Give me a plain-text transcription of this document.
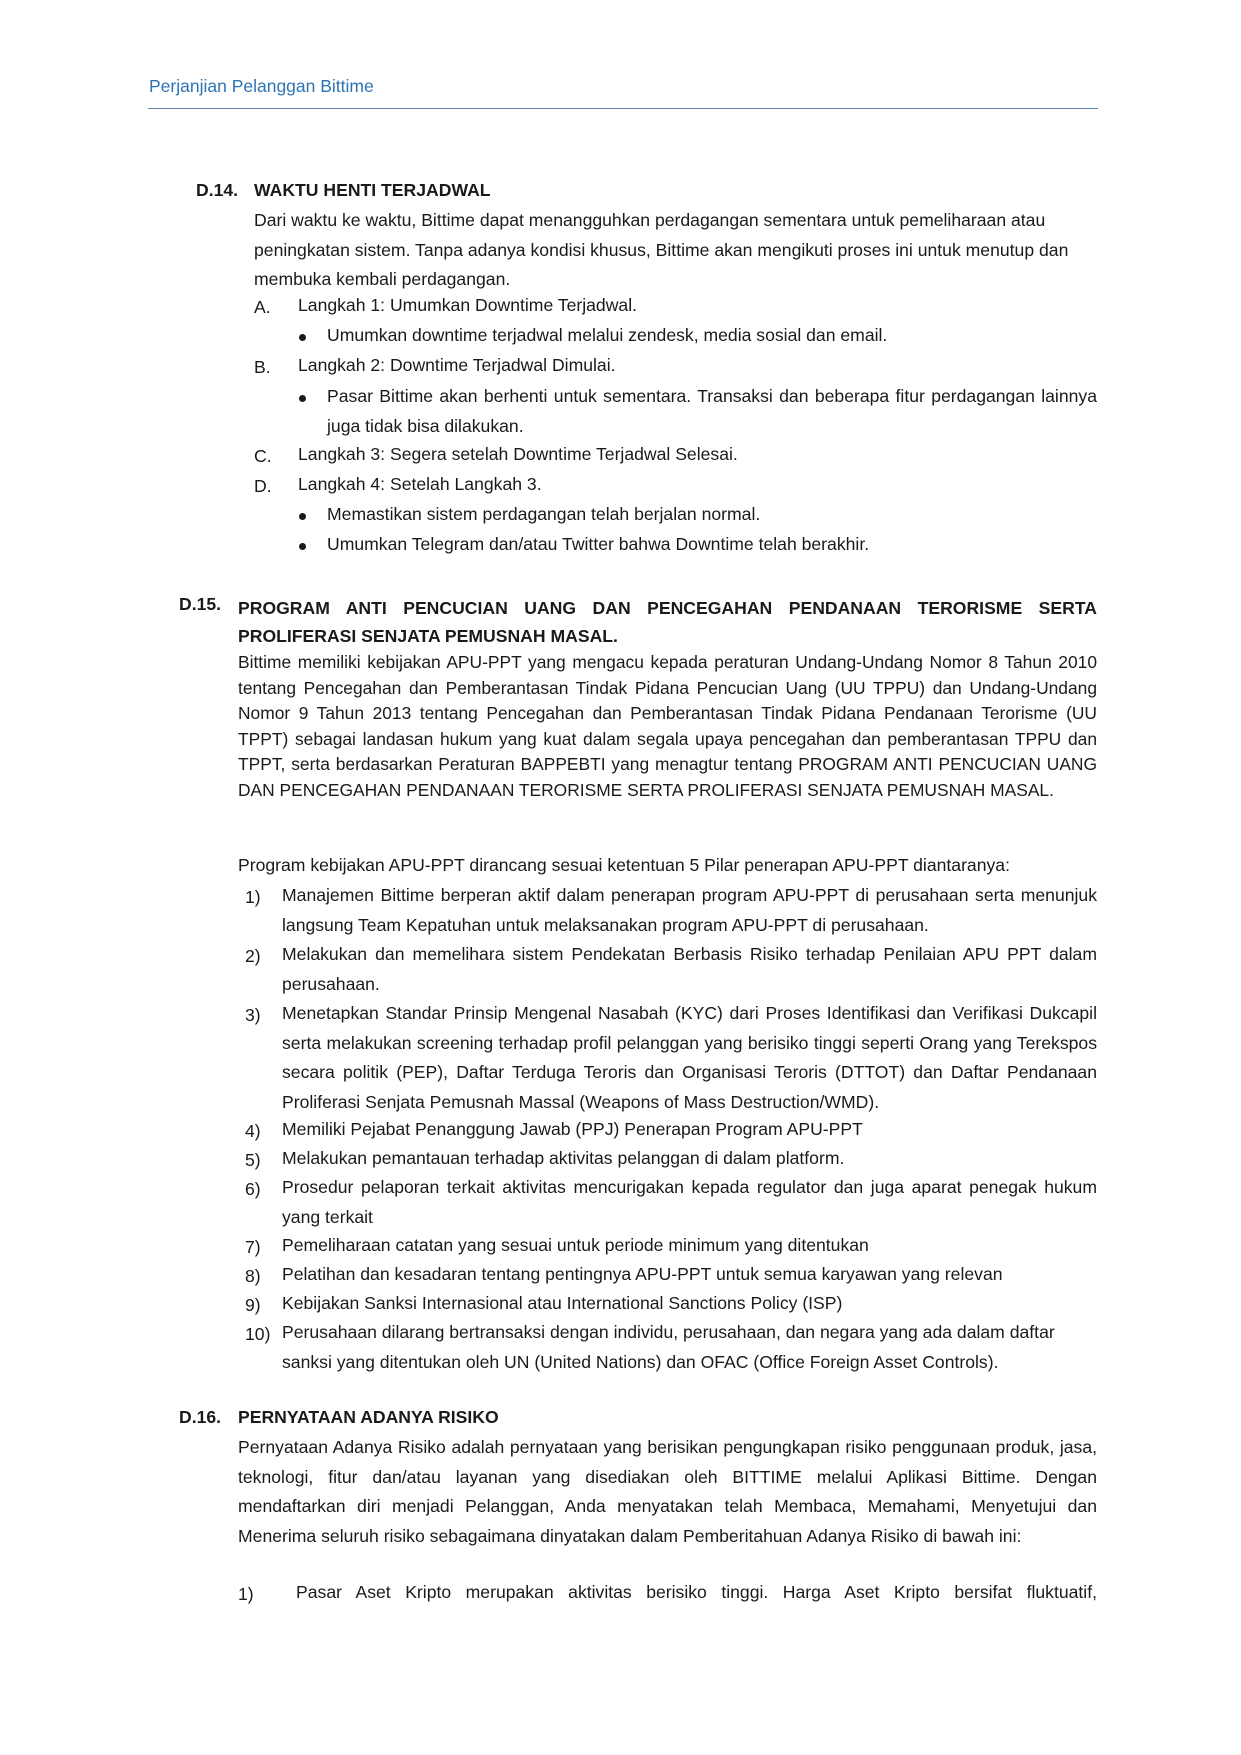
Perjanjian Pelanggan Bittime
D.14. WAKTU HENTI TERJADWAL
Dari waktu ke waktu, Bittime dapat menangguhkan perdagangan sementara untuk pemeliharaan atau peningkatan sistem. Tanpa adanya kondisi khusus, Bittime akan mengikuti proses ini untuk menutup dan membuka kembali perdagangan.
A. Langkah 1: Umumkan Downtime Terjadwal.
Umumkan downtime terjadwal melalui zendesk, media sosial dan email.
B. Langkah 2: Downtime Terjadwal Dimulai.
Pasar Bittime akan berhenti untuk sementara. Transaksi dan beberapa fitur perdagangan lainnya juga tidak bisa dilakukan.
C. Langkah 3: Segera setelah Downtime Terjadwal Selesai.
D. Langkah 4: Setelah Langkah 3.
Memastikan sistem perdagangan telah berjalan normal.
Umumkan Telegram dan/atau Twitter bahwa Downtime telah berakhir.
D.15. PROGRAM ANTI PENCUCIAN UANG DAN PENCEGAHAN PENDANAAN TERORISME SERTA PROLIFERASI SENJATA PEMUSNAH MASAL.
Bittime memiliki kebijakan APU-PPT yang mengacu kepada peraturan Undang-Undang Nomor 8 Tahun 2010 tentang Pencegahan dan Pemberantasan Tindak Pidana Pencucian Uang (UU TPPU) dan Undang-Undang Nomor 9 Tahun 2013 tentang Pencegahan dan Pemberantasan Tindak Pidana Pendanaan Terorisme (UU TPPT) sebagai landasan hukum yang kuat dalam segala upaya pencegahan dan pemberantasan TPPU dan TPPT, serta berdasarkan Peraturan BAPPEBTI yang menagtur tentang PROGRAM ANTI PENCUCIAN UANG DAN PENCEGAHAN PENDANAAN TERORISME SERTA PROLIFERASI SENJATA PEMUSNAH MASAL.
Program kebijakan APU-PPT dirancang sesuai ketentuan 5 Pilar penerapan APU-PPT diantaranya:
1) Manajemen Bittime berperan aktif dalam penerapan program APU-PPT di perusahaan serta menunjuk langsung Team Kepatuhan untuk melaksanakan program APU-PPT di perusahaan.
2) Melakukan dan memelihara sistem Pendekatan Berbasis Risiko terhadap Penilaian APU PPT dalam perusahaan.
3) Menetapkan Standar Prinsip Mengenal Nasabah (KYC) dari Proses Identifikasi dan Verifikasi Dukcapil serta melakukan screening terhadap profil pelanggan yang berisiko tinggi seperti Orang yang Terekspos secara politik (PEP), Daftar Terduga Teroris dan Organisasi Teroris (DTTOT) dan Daftar Pendanaan Proliferasi Senjata Pemusnah Massal (Weapons of Mass Destruction/WMD).
4) Memiliki Pejabat Penanggung Jawab (PPJ) Penerapan Program APU-PPT
5) Melakukan pemantauan terhadap aktivitas pelanggan di dalam platform.
6) Prosedur pelaporan terkait aktivitas mencurigakan kepada regulator dan juga aparat penegak hukum yang terkait
7) Pemeliharaan catatan yang sesuai untuk periode minimum yang ditentukan
8) Pelatihan dan kesadaran tentang pentingnya APU-PPT untuk semua karyawan yang relevan
9) Kebijakan Sanksi Internasional atau International Sanctions Policy (ISP)
10) Perusahaan dilarang bertransaksi dengan individu, perusahaan, dan negara yang ada dalam daftar sanksi yang ditentukan oleh UN (United Nations) dan OFAC (Office Foreign Asset Controls).
D.16. PERNYATAAN ADANYA RISIKO
Pernyataan Adanya Risiko adalah pernyataan yang berisikan pengungkapan risiko penggunaan produk, jasa, teknologi, fitur dan/atau layanan yang disediakan oleh BITTIME melalui Aplikasi Bittime. Dengan mendaftarkan diri menjadi Pelanggan, Anda menyatakan telah Membaca, Memahami, Menyetujui dan Menerima seluruh risiko sebagaimana dinyatakan dalam Pemberitahuan Adanya Risiko di bawah ini:
1) Pasar Aset Kripto merupakan aktivitas berisiko tinggi. Harga Aset Kripto bersifat fluktuatif,
